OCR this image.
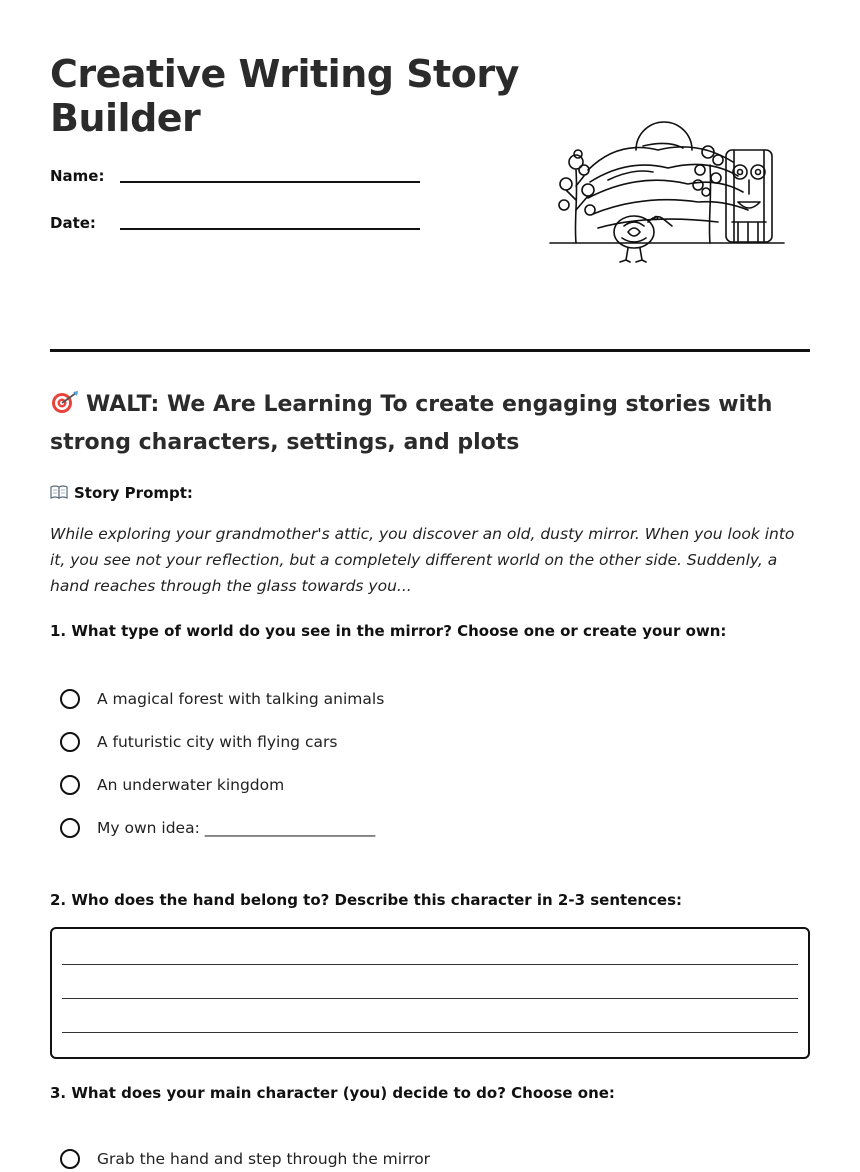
Creative Writing Story Builder
Name:
Date:
WALT: We Are Learning To create engaging stories with strong characters, settings, and plots
Story Prompt:

While exploring your grandmother's attic, you discover an old, dusty mirror. When you look into it, you see not your reflection, but a completely different world on the other side. Suddenly, a hand reaches through the glass towards you...

1. What type of world do you see in the mirror? Choose one or create your own:

A magical forest with talking animals
A futuristic city with flying cars
An underwater kingdom
My own idea: ______________________

2. Who does the hand belong to? Describe this character in 2-3 sentences:

3. What does your main character (you) decide to do? Choose one:

Grab the hand and step through the mirror
